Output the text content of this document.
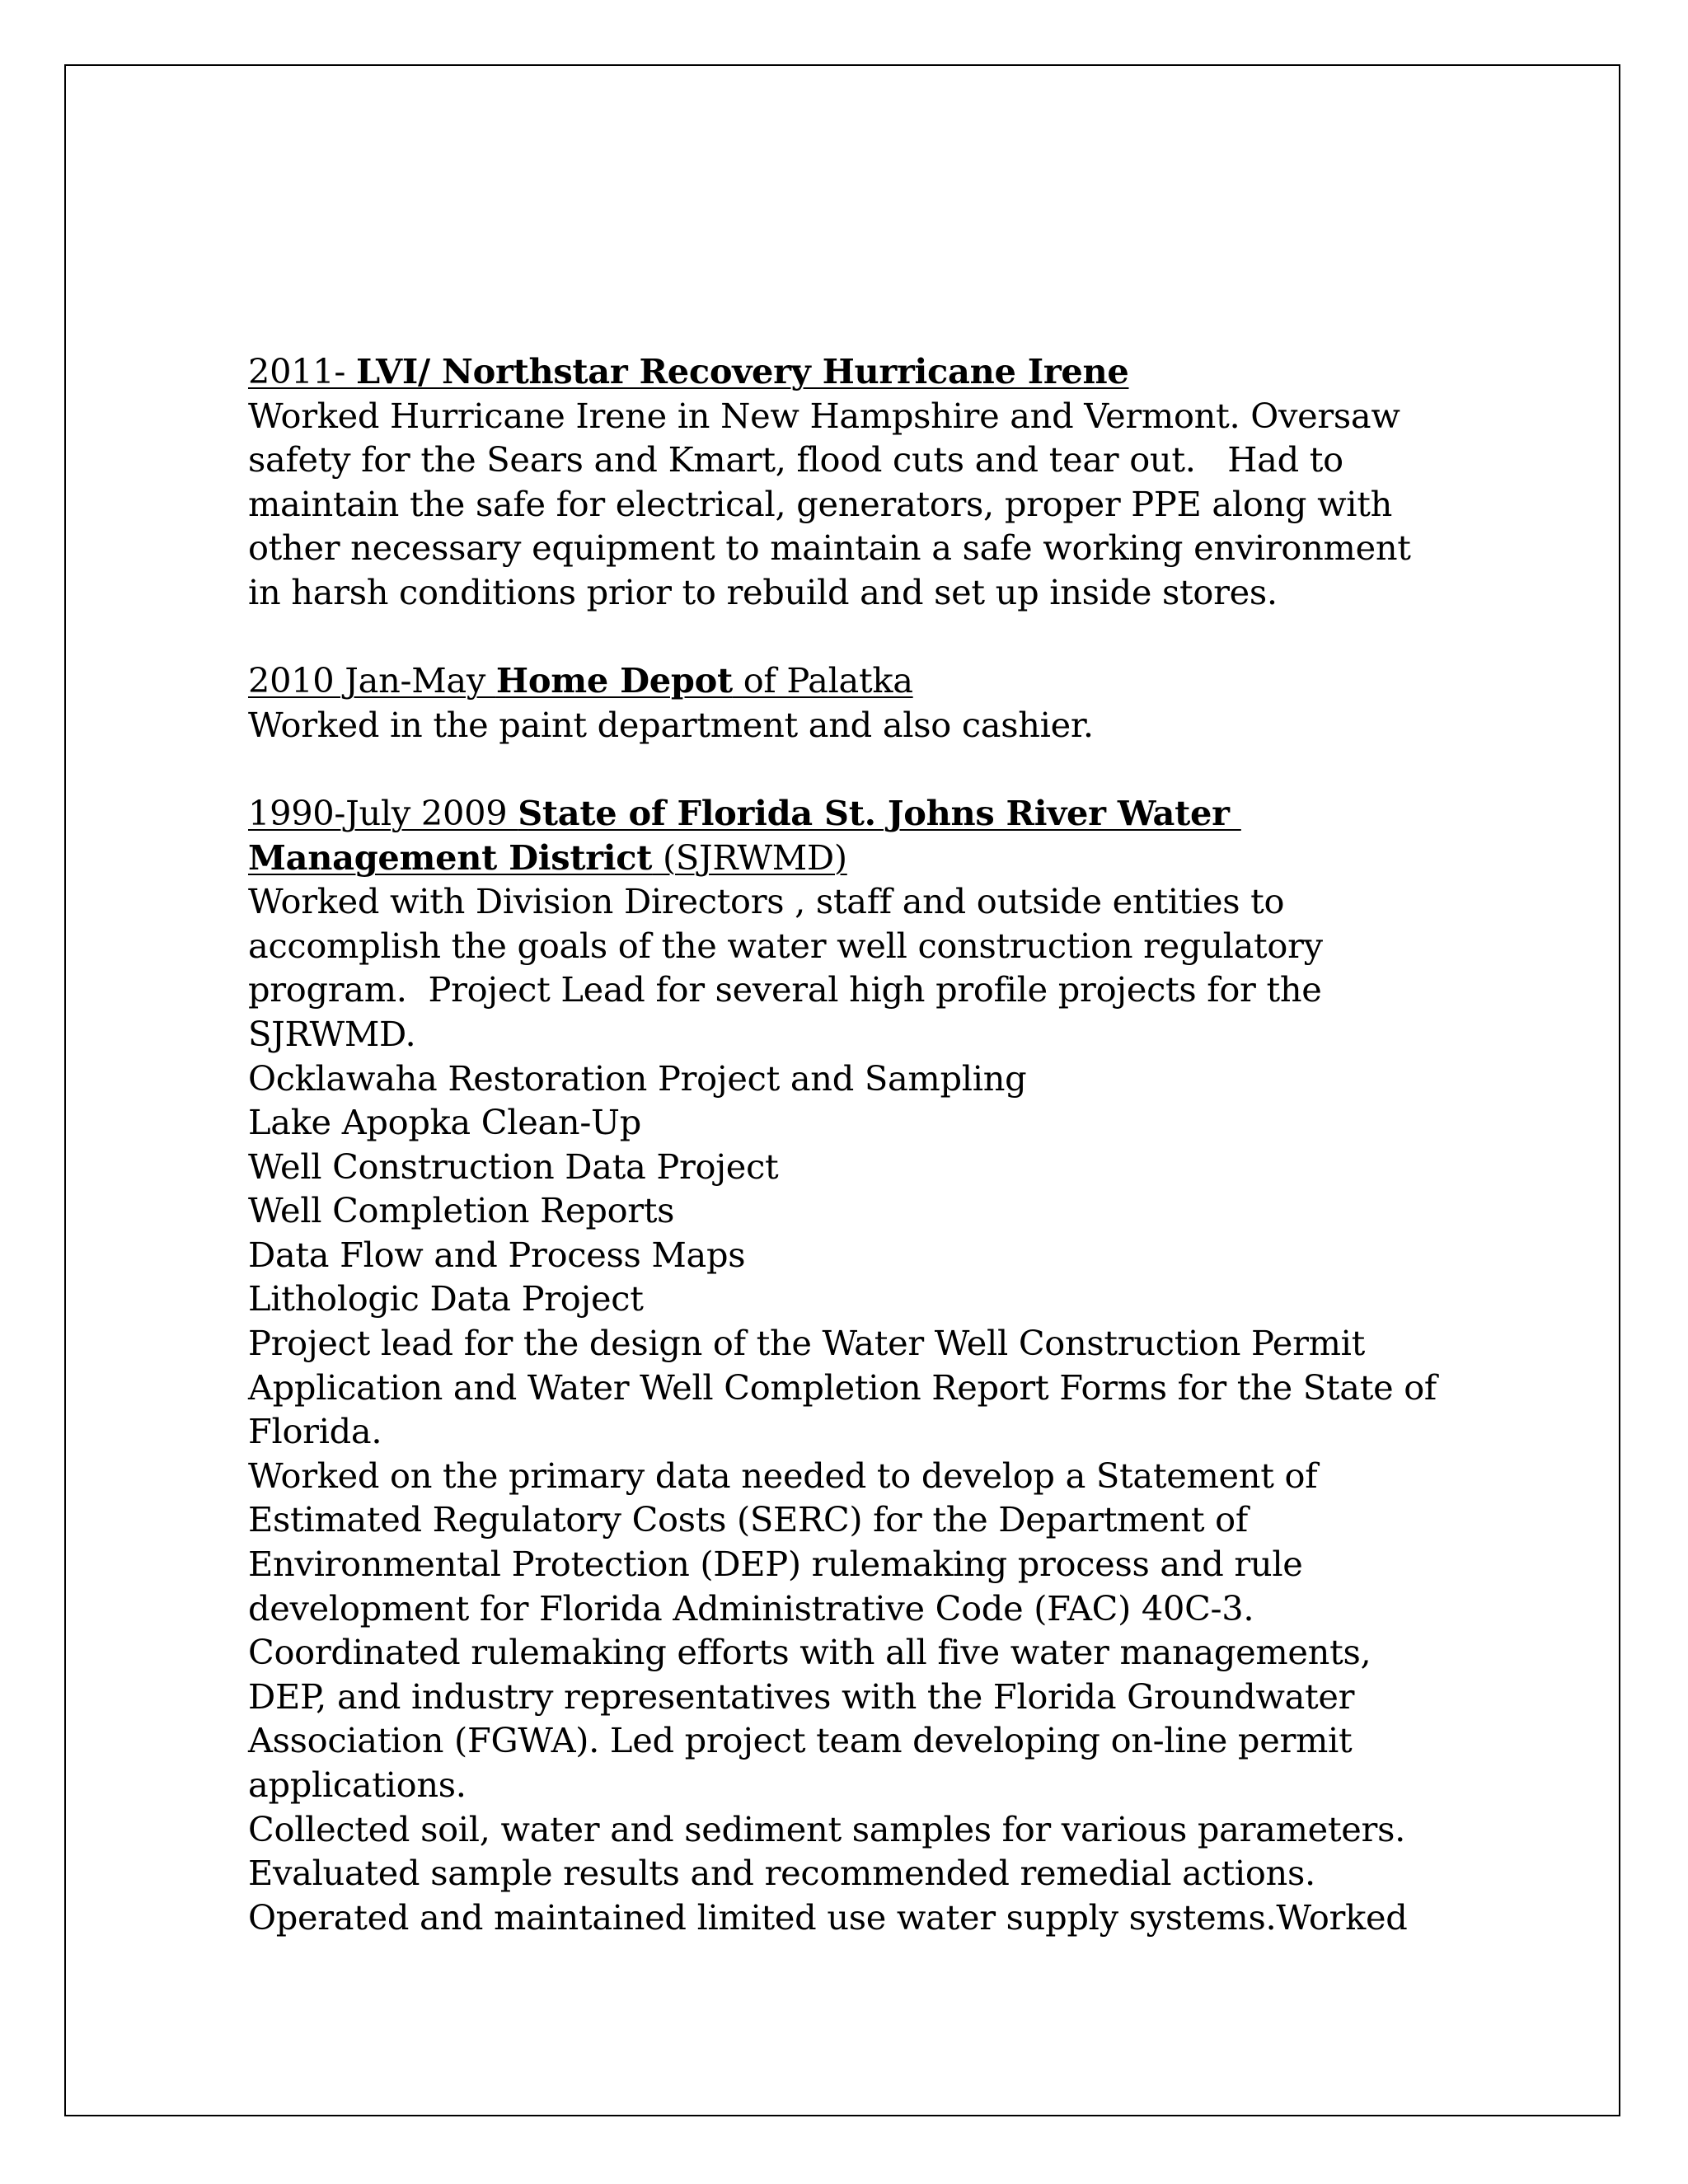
2011- LVI/ Northstar Recovery Hurricane Irene
Worked Hurricane Irene in New Hampshire and Vermont. Oversaw
safety for the Sears and Kmart, flood cuts and tear out.   Had to
maintain the safe for electrical, generators, proper PPE along with
other necessary equipment to maintain a safe working environment
in harsh conditions prior to rebuild and set up inside stores.
2010 Jan-May Home Depot of Palatka
Worked in the paint department and also cashier.
1990-July 2009 State of Florida St. Johns River Water
Management District (SJRWMD)
Worked with Division Directors , staff and outside entities to
accomplish the goals of the water well construction regulatory
program.  Project Lead for several high profile projects for the
SJRWMD.
Ocklawaha Restoration Project and Sampling
Lake Apopka Clean-Up
Well Construction Data Project
Well Completion Reports
Data Flow and Process Maps
Lithologic Data Project
Project lead for the design of the Water Well Construction Permit
Application and Water Well Completion Report Forms for the State of
Florida.
Worked on the primary data needed to develop a Statement of
Estimated Regulatory Costs (SERC) for the Department of
Environmental Protection (DEP) rulemaking process and rule
development for Florida Administrative Code (FAC) 40C-3.
Coordinated rulemaking efforts with all five water managements,
DEP, and industry representatives with the Florida Groundwater
Association (FGWA). Led project team developing on-line permit
applications.
Collected soil, water and sediment samples for various parameters.
Evaluated sample results and recommended remedial actions.
Operated and maintained limited use water supply systems.Worked
